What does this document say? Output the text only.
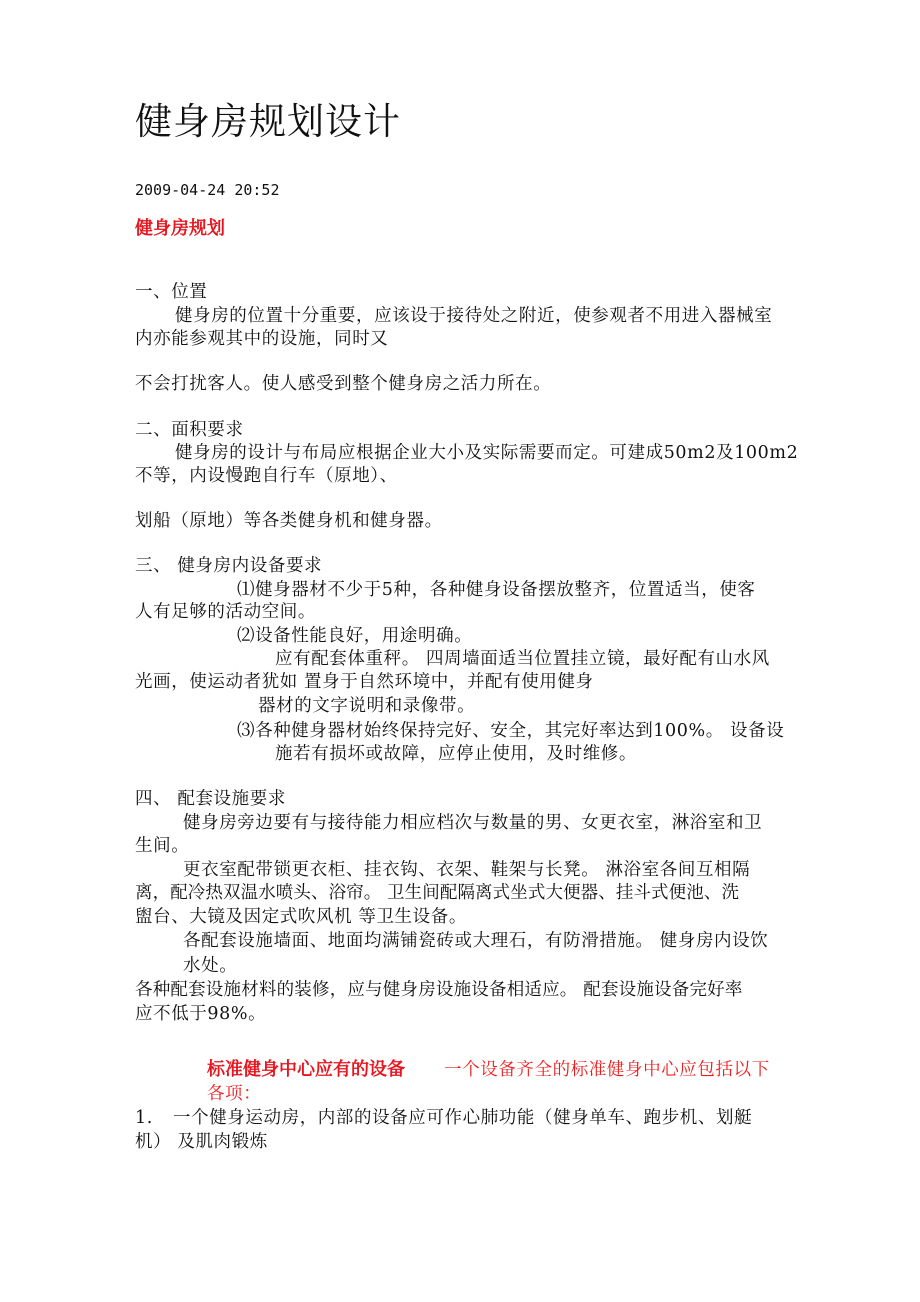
健身房规划设计
2009-04-24 20:52
健身房规划
一、位置
健身房的位置十分重要，应该设于接待处之附近，使参观者不用进入器械室
内亦能参观其中的设施，同时又
不会打扰客人。使人感受到整个健身房之活力所在。
二、面积要求
健身房的设计与布局应根据企业大小及实际需要而定。可建成50m2及100m2
不等，内设慢跑自行车（原地）、
划船（原地）等各类健身机和健身器。
三、 健身房内设备要求
⑴健身器材不少于5种，各种健身设备摆放整齐，位置适当，使客
人有足够的活动空间。
⑵设备性能良好，用途明确。
应有配套体重秤。 四周墙面适当位置挂立镜，最好配有山水风
光画，使运动者犹如 置身于自然环境中，并配有使用健身
器材的文字说明和录像带。
⑶各种健身器材始终保持完好、安全，其完好率达到100%。 设备设
施若有损坏或故障，应停止使用，及时维修。
四、 配套设施要求
健身房旁边要有与接待能力相应档次与数量的男、女更衣室，淋浴室和卫
生间。
更衣室配带锁更衣柜、挂衣钩、衣架、鞋架与长凳。 淋浴室各间互相隔
离，配冷热双温水喷头、浴帘。 卫生间配隔离式坐式大便器、挂斗式便池、洗
盥台、大镜及因定式吹风机 等卫生设备。
各配套设施墙面、地面均满铺瓷砖或大理石，有防滑措施。 健身房内设饮
水处。
各种配套设施材料的装修，应与健身房设施设备相适应。 配套设施设备完好率
应不低于98%。
标准健身中心应有的设备 一个设备齐全的标准健身中心应包括以下
各项：
1. 一个健身运动房，内部的设备应可作心肺功能（健身单车、跑步机、划艇
机） 及肌肉锻炼
